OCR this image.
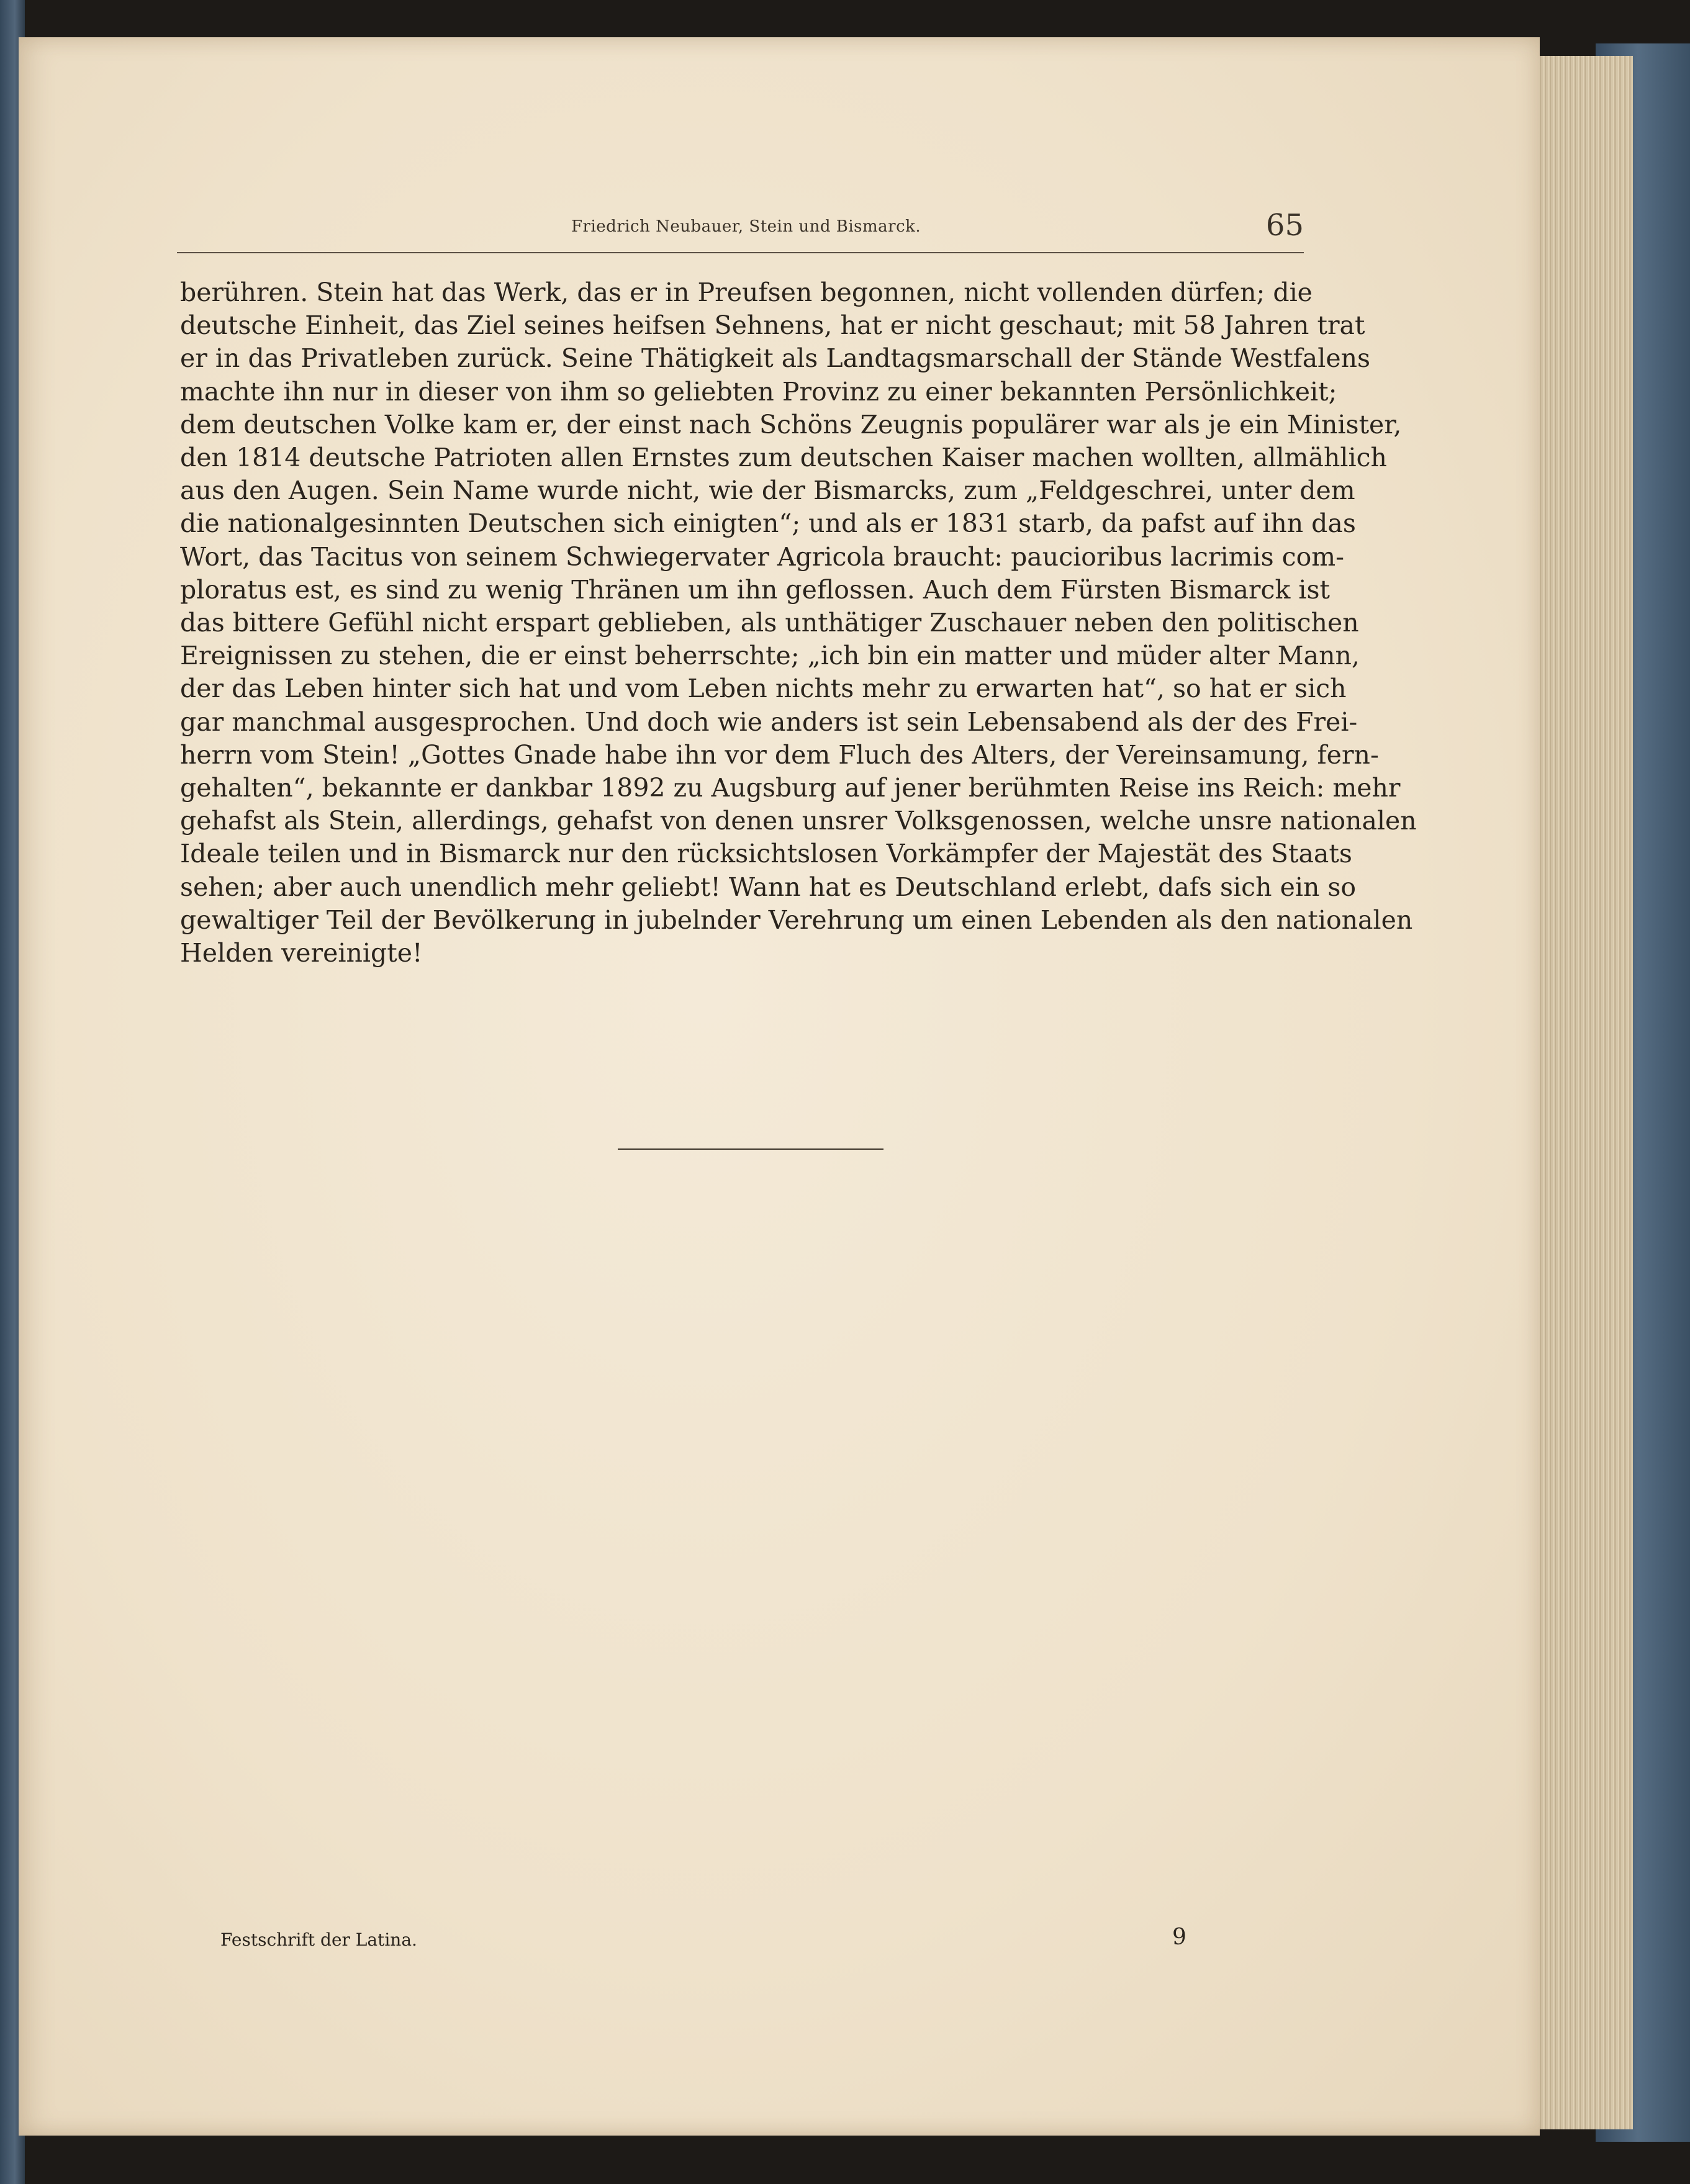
Friedrich Neubauer, Stein und Bismarck.	65
berühren. Stein hat das Werk, das er in Preufsen begonnen, nicht vollenden dürfen; die
deutsche Einheit, das Ziel seines heifsen Sehnens, hat er nicht geschaut; mit 58 Jahren trat
er in das Privatleben zurück. Seine Thätigkeit als Landtagsmarschall der Stände Westfalens
machte ihn nur in dieser von ihm so geliebten Provinz zu einer bekannten Persönlichkeit;
dem deutschen Volke kam er, der einst nach Schöns Zeugnis populärer war als je ein Minister,
den 1814 deutsche Patrioten allen Ernstes zum deutschen Kaiser machen wollten, allmählich
aus den Augen. Sein Name wurde nicht, wie der Bismarcks, zum „Feldgeschrei, unter dem
die nationalgesinnten Deutschen sich einigten“; und als er 1831 starb, da pafst auf ihn das
Wort, das Tacitus von seinem Schwiegervater Agricola braucht: paucioribus lacrimis com-
ploratus est, es sind zu wenig Thränen um ihn geflossen. Auch dem Fürsten Bismarck ist
das bittere Gefühl nicht erspart geblieben, als unthätiger Zuschauer neben den politischen
Ereignissen zu stehen, die er einst beherrschte; „ich bin ein matter und müder alter Mann,
der das Leben hinter sich hat und vom Leben nichts mehr zu erwarten hat“, so hat er sich
gar manchmal ausgesprochen. Und doch wie anders ist sein Lebensabend als der des Frei-
herrn vom Stein! „Gottes Gnade habe ihn vor dem Fluch des Alters, der Vereinsamung, fern-
gehalten“, bekannte er dankbar 1892 zu Augsburg auf jener berühmten Reise ins Reich: mehr
gehafst als Stein, allerdings, gehafst von denen unsrer Volksgenossen, welche unsre nationalen
Ideale teilen und in Bismarck nur den rücksichtslosen Vorkämpfer der Majestät des Staats
sehen; aber auch unendlich mehr geliebt! Wann hat es Deutschland erlebt, dafs sich ein so
gewaltiger Teil der Bevölkerung in jubelnder Verehrung um einen Lebenden als den nationalen
Helden vereinigte!
Festschrift der Latina.	9
